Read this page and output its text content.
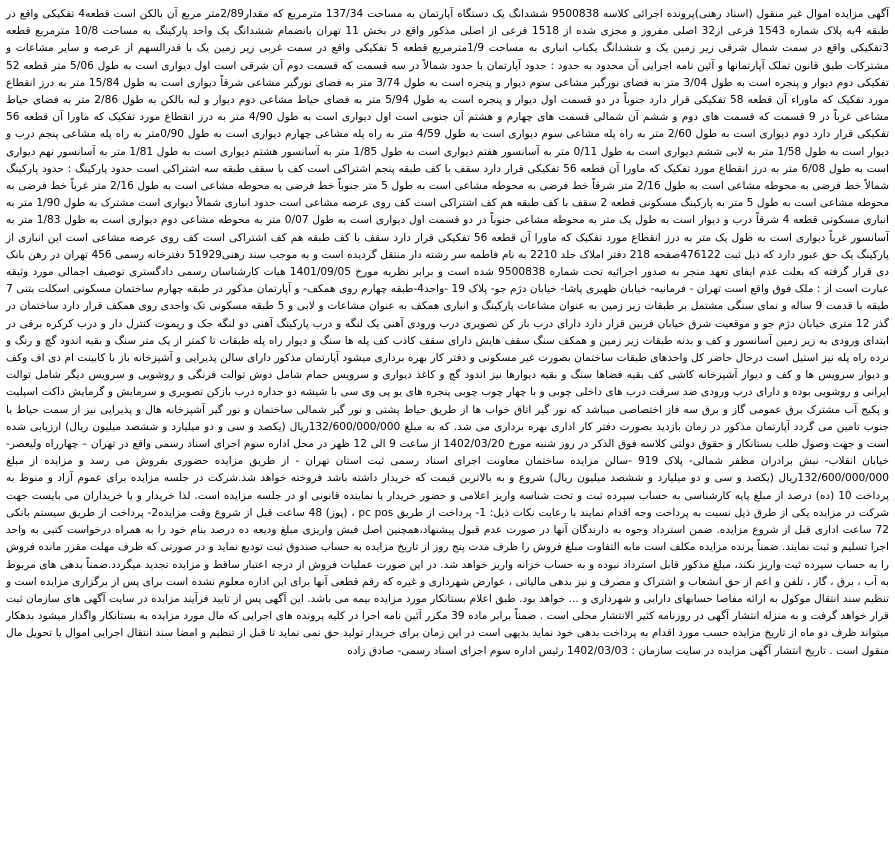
آگهی مزایده اموال غیر منقول (اسناد رهنی)پرونده اجرائی کلاسه 9500838 ششدانگ یک دستگاه آپارتمان به مساحت 137/34 مترمربع که مقدار2/89متر مربع آن بالکن است قطعه4 تفکیکی واقع در طبقه 4به پلاک شماره 1543 فرعی از32 اصلی مفروز و مجزی شده از 1518 فرعی از اصلی مذکور واقع در بخش 11 تهران بانضمام ششدانگ یک واحد پارکینگ به مساحت 10/8 مترمربع قطعه 3تفکیکی واقع در سمت شمال شرقی زیر زمین یک و ششدانگ یکباب انباری به مساحت 1/9مترمربع قطعه 5 تفکیکی واقع در سمت غربی زیر زمین یک با قدرالسهم از عرصه و سایر مشاعات و مشترکات طبق قانون تملک آپارتمانها و آئین نامه اجرایی آن محدود به حدود : حدود آپارتمان با حدود شمالاً در سه قسمت که قسمت دوم آن شرقی است اول دیواری است به طول 5/06 متر قطعه 52 تفکیکی دوم دیوار و پنجره است به طول 3/04 متر به فضای نورگیر مشاعی سوم دیوار و پنجره است به طول 3/74 متر به فضای نورگیر مشاعی شرقاً دیواری است به طول 15/84 متر به درز انقطاع مورد تفکیک که ماوراء آن قطعه 58 تفکیکی قرار دارد جنوباً در دو قسمت اول دیوار و پنجره است به طول 5/94 متر به فضای حیاط مشاعی دوم دیوار و لبه بالکن به طول 2/86 متر به فضای حیاط مشاعی غرباً در 9 قسمت که قسمت های دوم و ششم آن شمالی قسمت های چهارم و هشتم آن جنوبی است اول دیواری است به طول 4/90 متر به درز انقطاع مورد تفکیک که ماورا آن قطعه 56 تفکیکی قرار دارد دوم دیواری است به طول 2/60 متر به راه پله مشاعی سوم دیواری است به طول 4/59 متر به راه پله مشاعی چهارم دیواری است به طول 0/90متر به راه پله مشاعی پنجم درب و دیوار است به طول 1/58 متر به لابی ششم دیواری است به طول 0/11 متر به آسانسور هفتم دیواری است به طول 1/85 متر به آسانسور هشتم دیواری است به طول 1/81 متر به آسانسور نهم دیواری است به طول 6/08 متر به درز انقطاع مورد تفکیک که ماورا آن قطعه 56 تفکیکی قرار دارد سقف با کف طبقه پنجم اشتراکی است کف با سقف طبقه سه اشتراکی است حدود پارکینگ : حدود پارکینگ شمالاً خط فرضی به محوطه مشاعی است به طول 2/16 متر شرقاً خط فرضی به محوطه مشاعی است به طول 5 متر جنوباً خط فرضی به محوطه مشاعی است به طول 2/16 متر غرباً خط فرضی به محوطه مشاعی است به طول 5 متر به پارکینگ مسکونی قطعه 2 سقف با کف طبقه هم کف اشتراکی است کف روی عرصه مشاعی است حدود انباری شمالاً دیواری است مشترک به طول 1/90 متر به انباری مسکونی قطعه 4 شرقاً درب و دیوار است به طول یک متر به محوطه مشاعی جنوباً در دو قسمت اول دیواری است به طول 0/07 متر به محوطه مشاعی دوم دیواری است به طول 1/83 متر به آسانسور غرباً دیواری است به طول یک متر به درز انقطاع مورد تفکیک که ماورا آن قطعه 56 تفکیکی قرار دارد سقف با کف طبقه هم کف اشتراکی است کف روی عرصه مشاعی است این انباری از پارکینگ یک حق عبور دارد که ذیل ثبت 476122صفحه 218 دفتر املاک جلد 2210 به نام فاطمه سر رشته دار منتقل گردیده است و به موجب سند رهنی51929 دفترخانه رسمی 456 تهران در رهن بانک دی قرار گرفته که بعلت عدم ایفای تعهد منجر به صدور اجرائیه تحت شماره 9500838 شده است و برابر نظریه مورخ 1401/09/05 هیات کارشناسان رسمی دادگستری توصیف اجمالی مورد وثیقه عبارت است از : ملک فوق واقع است تهران - فرمانیه- خیابان ظهیری پاشا- خیابان دژم جو- پلاک 19 -واحد4-طبقه چهارم روی همکف- و آپارتمان مذکور در طبقه چهارم ساختمان مسکونی اسکلت بتنی 7 طبقه با قدمت 9 ساله و نمای سنگی مشتمل بر طبقات زیر زمین به عنوان مشاعات پارکینگ و انباری همکف به عنوان مشاعات و لابی و 5 طبقه مسکونی تک واحدی روی همکف قرار دارد ساختمان در گذر 12 متری خیابان دژم جو و موقعیت شرق خیابان فربین قرار دارد دارای درب باز کن تصویری درب ورودی آهنی یک لنگه و درب پارکینگ آهنی دو لنگه جک و ریموت کنترل دار و درب کرکره برقی در ابتدای ورودی به زیر زمین آسانسور و کف و بدنه طبقات زیر زمین و همکف سنگ سقف هایش دارای سقف کاذب کف پله ها سنگ و دیوار راه پله طبقات تا کمتر از یک متر سنگ و بقیه اندود گچ و رنگ و نرده راه پله نیز استیل است درحال حاضر کل واحدهای طبقات ساختمان بصورت غیر مسکونی و دفتر کار بهره برداری میشود آپارتمان مذکور دارای سالن پذیرایی و آشپزخانه باز با کابینت ام دی اف وکف و دیوار سرویس ها و کف و دیوار آشپزخانه کاشی کف بقیه فضاها سنگ و بقیه دیوارها نیز اندود گچ و کاغذ دیواری و سرویس حمام شامل دوش توالت فرنگی و روشویی و سرویس دیگر شامل توالت ایرانی و روشویی بوده و دارای درب ورودی ضد سرقت درب های داخلی چوبی و با چهار چوب چوبی پنجره های یو پی وی سی با شیشه دو جداره درب بازکن تصویری و سرمایش و گرمایش داکت اسپلیت و پکیج آب مشترک برق عمومی گاز و برق سه فاز اختصاصی میباشد که نور گیر اتاق خواب ها از طریق حیاط پشتی و نور گیر شمالی ساختمان و نور گیر آشپزخانه هال و پذیرایی نیز از سمت حیاط با جنوب تامین می گردد آپارتمان مذکور در زمان بازدید بصورت دفتر کار اداری بهره برداری می شد. که به مبلغ 132/600/000/000ریال (یکصد و سی و دو میلیارد و ششصد میلیون ریال) ارزیابی شده است و جهت وصول طلب بستانکار و حقوق دولتی کلاسه فوق الذکر در روز شنبه مورخ 1402/03/20 از ساعت 9 الی 12 ظهر در محل اداره سوم اجرای اسناد رسمی واقع در تهران – چهارراه ولیعصر- خیابان انقلاب- نبش برادران مظفر شمالی- پلاک 919 -سالن مزایده ساختمان معاونت اجرای اسناد رسمی ثبت استان تهران - از طریق مزایده حضوری بفروش می رسد و مزایده از مبلغ 132/600/000/000ریال (یکصد و سی و دو میلیارد و ششصد میلیون ریال) شروع و به بالاترین قیمت که خریدار داشته باشد فروخته خواهد شد.شرکت در جلسه مزایده برای عموم آزاد و منوط به پرداخت 10 (ده) درصد از مبلغ پایه کارشناسی به حساب سپرده ثبت و تحت شناسه واریز اعلامی و حضور خریدار یا نماینده قانونی او در جلسه مزایده است. لذا خریدار و یا خریداران می بایست جهت شرکت در مزایده یکی از طرق ذیل نسبت به پرداخت وجه اقدام نمایند با رعایت نکات ذیل: 1- پرداخت از طریق pc pos ، (پوز) 48 ساعت قبل از شروع وقت مزایده2- پرداخت از طریق سیستم بانکی 72 ساعت اداری قبل از شروع مزایده. ضمن استرداد وجوه به دارندگان آنها در صورت عدم قبول پیشنهاد،همچنین اصل فیش واریزی مبلغ ودیعه ده درصد بنام خود را به همراه درخواست کتبی به واحد اجرا تسلیم و ثبت نمایند. ضمناً برنده مزایده مکلف است مابه التفاوت مبلغ فروش را ظرف مدت پنج روز از تاریخ مزایده به حساب صندوق ثبت تودیع نماید و در صورتی که ظرف مهلت مقرر مانده فروش را به حساب سپرده ثبت واریز نکند، مبلغ مذکور قابل استرداد نبوده و به حساب خزانه واریز خواهد شد. در این صورت عملیات فروش از درجه اعتبار ساقط و مزایده تجدید میگردد.ضمناً بدهی های مربوط به آب ، برق ، گاز ، تلفن و اعم از حق انشعاب و اشتراک و مصرف و نیز بدهی مالیاتی ، عوارض شهرداری و غیره که رقم قطعی آنها برای این اداره معلوم نشده است برای پس از برگزاری مزایده است و تنظیم سند انتقال موکول به ارائه مفاصا حسابهای دارایی و شهرداری و ... خواهد بود. طبق اعلام بستانکار مورد مزایده بیمه می باشد. این آگهی پس از تایید فرآیند مزایده در سایت آگهی های سازمان ثبت قرار خواهد گرفت و به منزله انتشار آگهی در روزنامه کثیر الانتشار محلی است . ضمناً برابر ماده 39 مکرر آئین نامه اجرا در کلیه پرونده های اجرایی که مال مورد مزایده به بستانکار واگذار میشود بدهکار میتواند ظرف دو ماه از تاریخ مزایده حسب مورد اقدام به پرداخت بدهی خود نماید بدیهی است در این زمان برای خریدار تولید حق نمی نماید تا قبل از تنظیم و امضا سند انتقال اجرایی اموال یا تحویل مال منقول است . تاریخ انتشار آگهی مزایده در سایت سازمان : 1402/03/03 رئیس اداره سوم اجرای اسناد رسمی- صادق زاده
